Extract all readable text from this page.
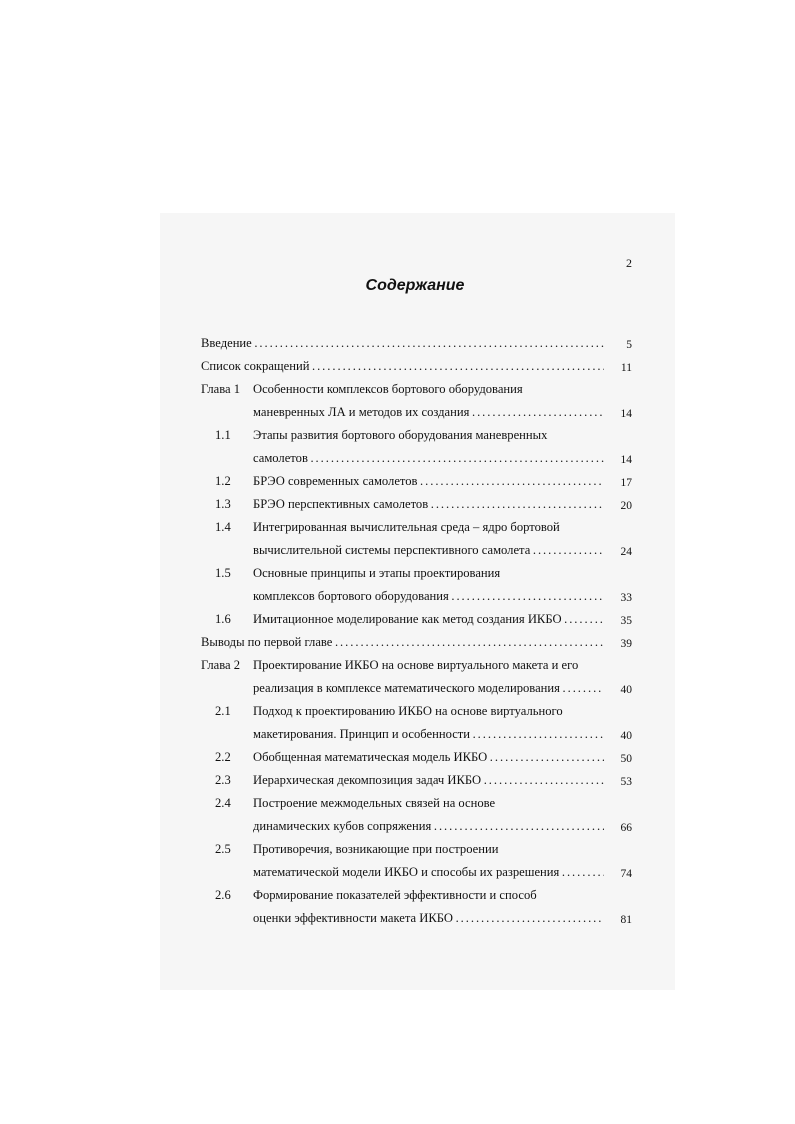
2
Содержание
Введение . . .	5
Список сокращений . . .	11
Глава 1 Особенности комплексов бортового оборудования
маневренных ЛА и методов их создания . . .	14
1.1 Этапы развития бортового оборудования маневренных
самолетов . . .	14
1.2 БРЭО современных самолетов . . .	17
1.3 БРЭО перспективных самолетов . . .	20
1.4 Интегрированная вычислительная среда – ядро бортовой
вычислительной системы перспективного самолета . . .	24
1.5 Основные принципы и этапы проектирования
комплексов бортового оборудования . . .	33
1.6 Имитационное моделирование как метод создания ИКБО . . .	35
Выводы по первой главе . . .	39
Глава 2 Проектирование ИКБО на основе виртуального макета и его
реализация в комплексе математического моделирования . . .	40
2.1 Подход к проектированию ИКБО на основе виртуального
макетирования. Принцип и особенности . . .	40
2.2 Обобщенная математическая модель ИКБО . . .	50
2.3 Иерархическая декомпозиция задач ИКБО . . .	53
2.4 Построение межмодельных связей на основе
динамических кубов сопряжения . . .	66
2.5 Противоречия, возникающие при построении
математической модели ИКБО и способы их разрешения . . .	74
2.6 Формирование показателей эффективности и способ
оценки эффективности макета ИКБО . . .	81
